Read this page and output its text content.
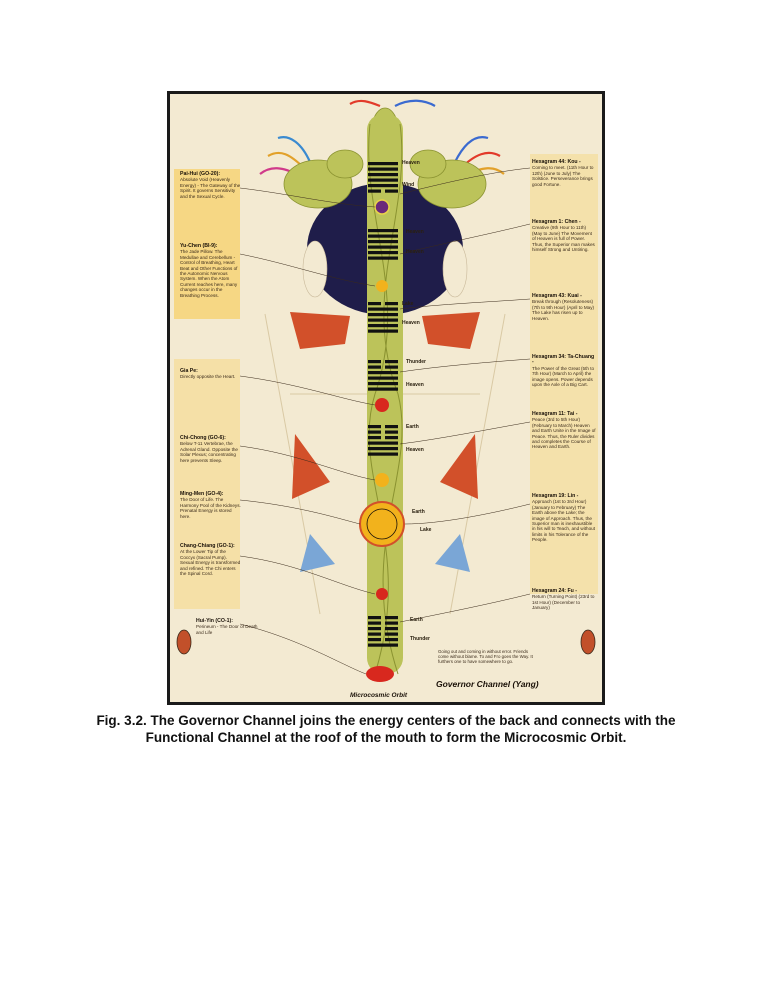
Heaven
Wind
Heaven
Heaven
Lake
Heaven
Thunder
Heaven
Earth
Heaven
Earth
Lake
Earth
Thunder
Pai-Hui (GO-20):
Absolute Void (Heavenly Energy) - The Gateway of the Spirit. It governs Sensitivity and the Sexual Cycle.
Yu-Chen (BI-9):
The Jade Pillow. The Medullae and Cerebellum - Control of Breathing, Heart Beat and Other Functions of the Autonomic Nervous System. When the Atom Current reaches here, many changes occur in the Breathing Process.
Gia Pe:
Directly opposite the Heart.
Chi-Chong (GO-6):
Below T-11 Vertebrae, the Adrenal Gland. Opposite the Solar Plexus; concentrating here prevents Sleep.
Ming-Men (GO-4):
The Door of Life. The Harmony Pool of the Kidneys. Prenatal Energy is stored here.
Chang-Chiang (GO-1):
At the Lower Tip of the Coccyx (Sacral Pump). Sexual Energy is transformed and refined. The Chi enters the Spinal Cord.
Hui-Yin (CO-1):
Perineum - The Door of Death and Life
Hexagram 44: Kou -
Coming to meet. (11th Hour to 12th) (June to July) The Solstice. Perseverance brings good Fortune.
Hexagram 1: Chen -
Creative (9th Hour to 11th) (May to June) The Movement of Heaven is full of Power. Thus, the Superior man makes himself Strong and Untiring.
Hexagram 43: Kuai -
Break through (Resoluteness) (7th to 9th Hour) (April to May) The Lake has risen up to Heaven.
Hexagram 34: Ta-Chuang -
The Power of the Great (5th to 7th Hour) (March to April) the image opens. Power depends upon the Axle of a Big Cart.
Hexagram 11: Tai -
Peace (3rd to 5th Hour) (February to March) Heaven and Earth Unite in the Image of Peace. Thus, the Ruler divides and completes the Course of Heaven and Earth.
Hexagram 19: Lin -
Approach (1st to 3rd Hour) (January to February) The Earth above the Lake; the image of Approach. Thus, the Superior man is inexhaustible in his will to Teach, and without limits in his Tolerance of the People.
Hexagram 24: Fu -
Return (Turning Point) (23rd to 1st Hour) (December to January)
Going out and coming in without error. Friends come without blame. To and Fro goes the Way. It furthers one to have somewhere to go.
Governor Channel (Yang)
Microcosmic Orbit
Fig. 3.2. The Governor Channel joins the energy centers of the back and connects with the Functional Channel at the roof of the mouth to form the Microcosmic Orbit.
